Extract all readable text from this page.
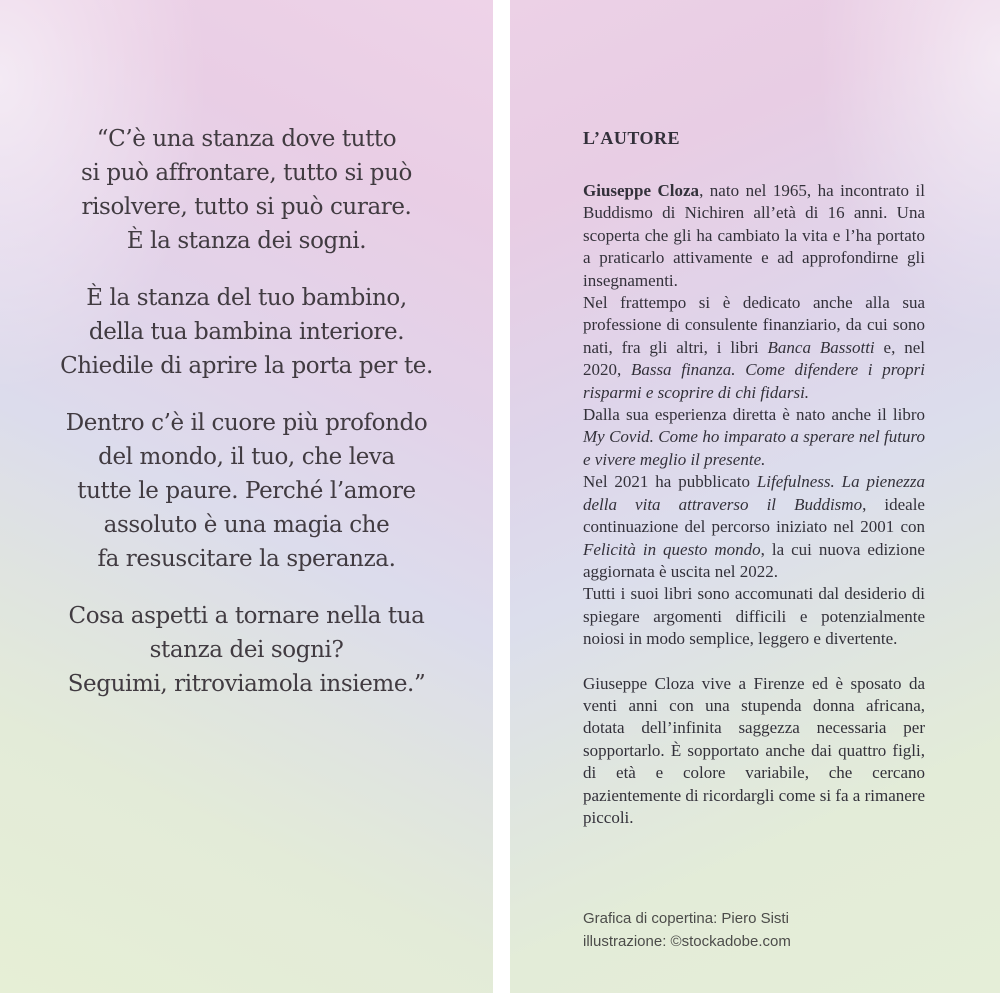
“C’è una stanza dove tutto
si può affrontare, tutto si può
risolvere, tutto si può curare.
È la stanza dei sogni.
È la stanza del tuo bambino,
della tua bambina interiore.
Chiedile di aprire la porta per te.
Dentro c’è il cuore più profondo
del mondo, il tuo, che leva
tutte le paure. Perché l’amore
assoluto è una magia che
fa resuscitare la speranza.
Cosa aspetti a tornare nella tua
stanza dei sogni?
Seguimi, ritroviamola insieme.”
L’AUTORE

Giuseppe Cloza, nato nel 1965, ha incontrato il Buddismo di Nichiren all’età di 16 anni. Una scoperta che gli ha cambiato la vita e l’ha portato a praticarlo attivamente e ad approfondirne gli insegnamenti.

Nel frattempo si è dedicato anche alla sua professione di consulente finanziario, da cui sono nati, fra gli altri, i libri Banca Bassotti e, nel 2020, Bassa finanza. Come difendere i propri risparmi e scoprire di chi fidarsi.

Dalla sua esperienza diretta è nato anche il libro My Covid. Come ho imparato a sperare nel futuro e vivere meglio il presente.

Nel 2021 ha pubblicato Lifefulness. La pienezza della vita attraverso il Buddismo, ideale continuazione del percorso iniziato nel 2001 con Felicità in questo mondo, la cui nuova edizione aggiornata è uscita nel 2022.

Tutti i suoi libri sono accomunati dal desiderio di spiegare argomenti difficili e potenzialmente noiosi in modo semplice, leggero e divertente.

Giuseppe Cloza vive a Firenze ed è sposato da venti anni con una stupenda donna africana, dotata dell’infinita saggezza necessaria per sopportarlo. È sopportato anche dai quattro figli, di età e colore variabile, che cercano pazientemente di ricordargli come si fa a rimanere piccoli.

Grafica di copertina: Piero Sisti
illustrazione: ©stockadobe.com
